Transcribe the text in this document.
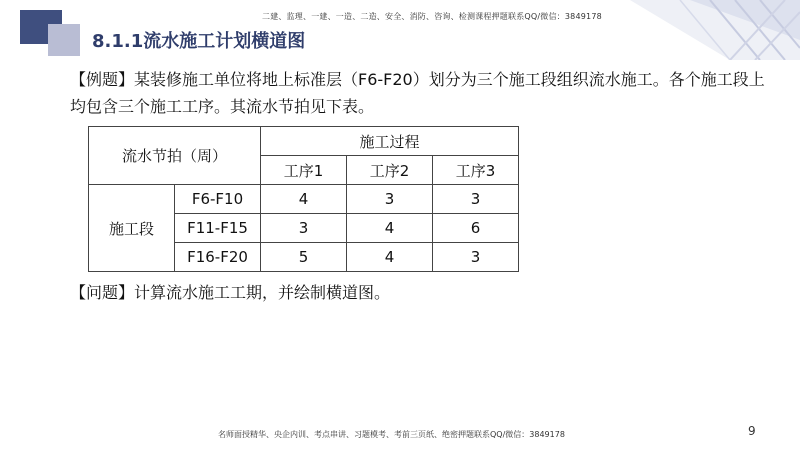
二建、监理、一建、一造、二造、安全、消防、咨询、检测课程押题联系QQ/微信：3849178
8.1.1流水施工计划横道图
【例题】某装修施工单位将地上标准层（F6-F20）划分为三个施工段组织流水施工。各个施工段上均包含三个施工工序。其流水节拍见下表。
流水节拍（周）		施工过程		
		工序1	工序2	工序3
施工段	F6-F10	4	3	3
	F11-F15	3	4	6
	F16-F20	5	4	3
【问题】计算流水施工工期，并绘制横道图。
名师面授精华、央企内训、考点串讲、习题模考、考前三页纸、绝密押题联系QQ/微信：3849178	9
